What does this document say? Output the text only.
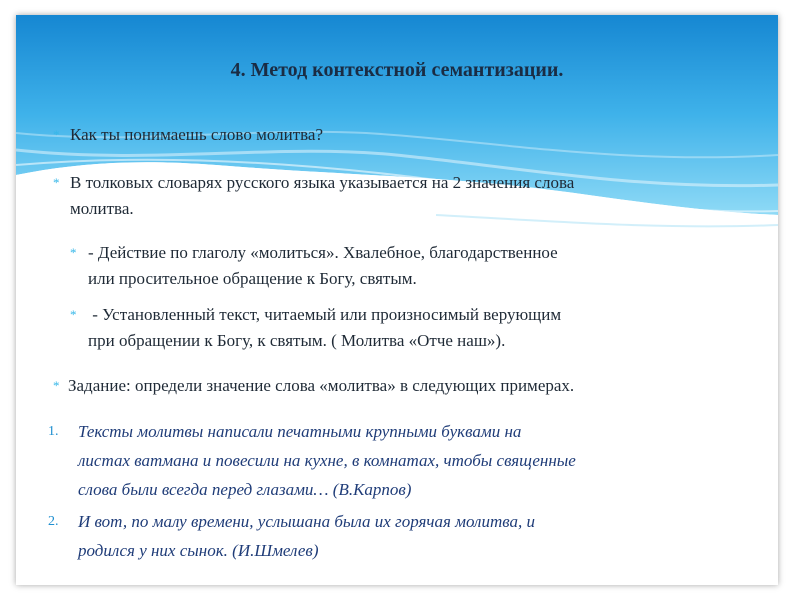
4. Метод контекстной семантизации.
* Как ты понимаешь слово молитва?

* В толковых словарях русского языка указывается на 2 значения слова

молитва.

* - Действие по глаголу «молиться». Хвалебное, благодарственное

или просительное обращение к Богу, святым.

* - Установленный текст, читаемый или произносимый верующим

при обращении к Богу, к святым. ( Молитва «Отче наш»).

* Задание: определи значение слова «молитва» в следующих примерах.

1. Тексты молитвы написали печатными крупными буквами на

листах ватмана и повесили на кухне, в комнатах, чтобы священные

слова были всегда перед глазами… (В.Карпов)

2. И вот, по малу времени, услышана была их горячая молитва, и

родился у них сынок. (И.Шмелев)
